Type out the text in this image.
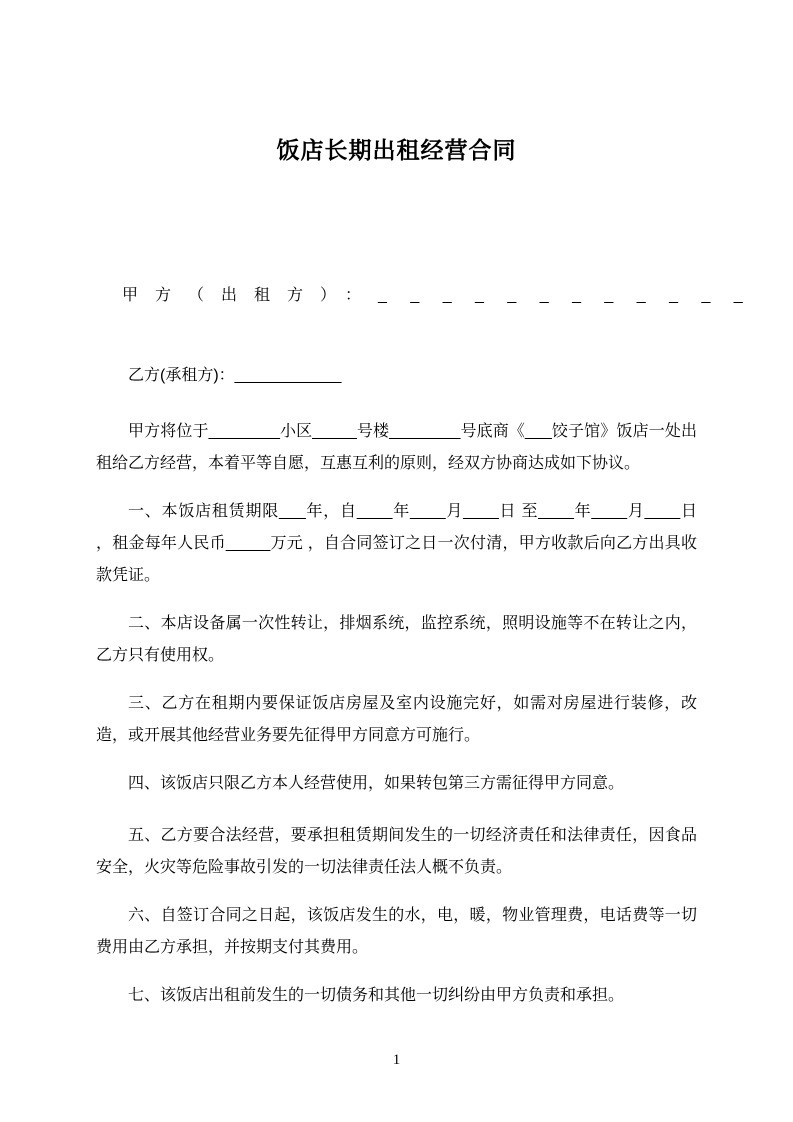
饭店长期出租经营合同
甲方（出租方）：_ _ _ _ _ _ _ _ _ _ _ _
乙方(承租方)：____________

甲方将位于________小区_____号楼________号底商《___饺子馆》饭店一处出租给乙方经营，本着平等自愿，互惠互利的原则，经双方协商达成如下协议。

一、本饭店租赁期限___年，自____年____月____日 至____年____月____日 ，租金每年人民币_____万元 ，自合同签订之日一次付清，甲方收款后向乙方出具收款凭证。

二、本店设备属一次性转让，排烟系统，监控系统，照明设施等不在转让之内，乙方只有使用权。

三、乙方在租期内要保证饭店房屋及室内设施完好，如需对房屋进行装修，改造，或开展其他经营业务要先征得甲方同意方可施行。

四、该饭店只限乙方本人经营使用，如果转包第三方需征得甲方同意。

五、乙方要合法经营，要承担租赁期间发生的一切经济责任和法律责任，因食品安全，火灾等危险事故引发的一切法律责任法人概不负责。

六、自签订合同之日起，该饭店发生的水，电，暖，物业管理费，电话费等一切费用由乙方承担，并按期支付其费用。

七、该饭店出租前发生的一切债务和其他一切纠纷由甲方负责和承担。

1
